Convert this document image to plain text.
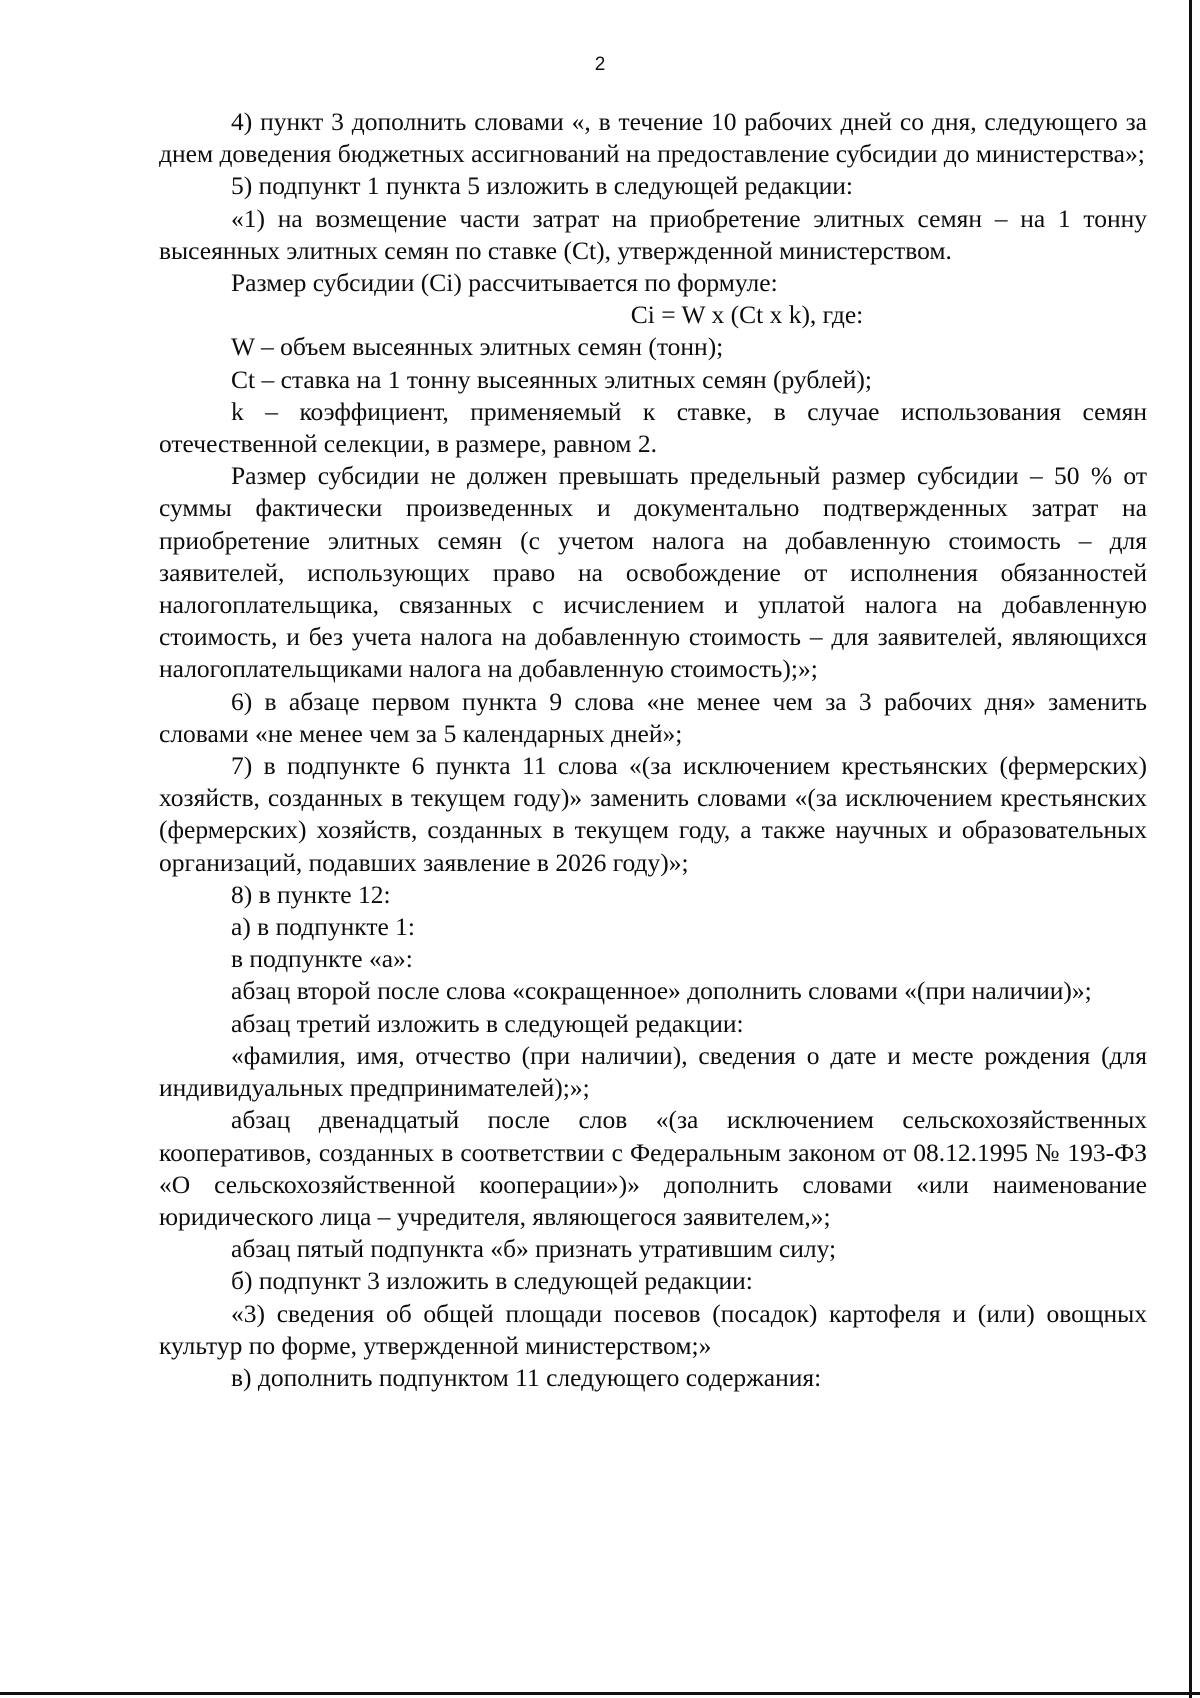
2

4) пункт 3 дополнить словами «, в течение 10 рабочих дней со дня, следующего за днем доведения бюджетных ассигнований на предоставление субсидии до министерства»;

5) подпункт 1 пункта 5 изложить в следующей редакции:

«1) на возмещение части затрат на приобретение элитных семян – на 1 тонну высеянных элитных семян по ставке (Ct), утвержденной министерством.

Размер субсидии (Ci) рассчитывается по формуле:

Ci = W x (Ct x k), где:

W – объем высеянных элитных семян (тонн);

Ct – ставка на 1 тонну высеянных элитных семян (рублей);

k – коэффициент, применяемый к ставке, в случае использования семян отечественной селекции, в размере, равном 2.

Размер субсидии не должен превышать предельный размер субсидии – 50 % от суммы фактически произведенных и документально подтвержденных затрат на приобретение элитных семян (с учетом налога на добавленную стоимость – для заявителей, использующих право на освобождение от исполнения обязанностей налогоплательщика, связанных с исчислением и уплатой налога на добавленную стоимость, и без учета налога на добавленную стоимость – для заявителей, являющихся налогоплательщиками налога на добавленную стоимость);»;

6) в абзаце первом пункта 9 слова «не менее чем за 3 рабочих дня» заменить словами «не менее чем за 5 календарных дней»;

7) в подпункте 6 пункта 11 слова «(за исключением крестьянских (фермерских) хозяйств, созданных в текущем году)» заменить словами «(за исключением крестьянских (фермерских) хозяйств, созданных в текущем году, а также научных и образовательных организаций, подавших заявление в 2026 году)»;

8) в пункте 12:

а) в подпункте 1:

в подпункте «а»:

абзац второй после слова «сокращенное» дополнить словами «(при наличии)»;

абзац третий изложить в следующей редакции:

«фамилия, имя, отчество (при наличии), сведения о дате и месте рождения (для индивидуальных предпринимателей);»;

абзац двенадцатый после слов «(за исключением сельскохозяйственных кооперативов, созданных в соответствии с Федеральным законом от 08.12.1995 № 193-ФЗ «О сельскохозяйственной кооперации»)» дополнить словами «или наименование юридического лица – учредителя, являющегося заявителем,»;

абзац пятый подпункта «б» признать утратившим силу;

б) подпункт 3 изложить в следующей редакции:

«3) сведения об общей площади посевов (посадок) картофеля и (или) овощных культур по форме, утвержденной министерством;»

в) дополнить подпунктом 11 следующего содержания:
